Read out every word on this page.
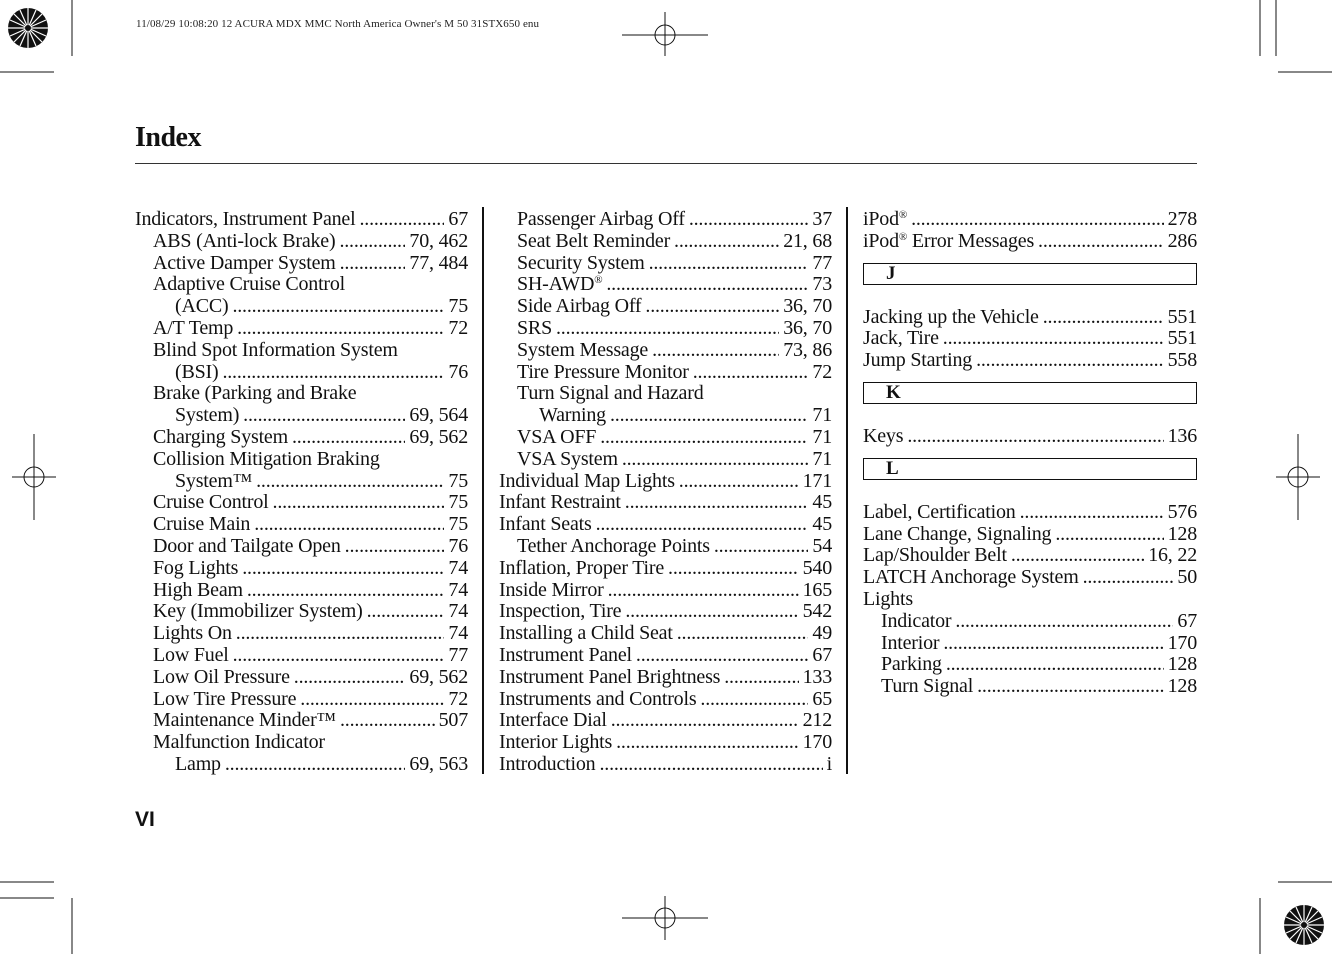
11/08/29 10:08:20 12 ACURA MDX MMC North America Owner's M 50 31STX650 enu
Index
VI
Indicators, Instrument Panel . . .	67
ABS (Anti-lock Brake) . . .	70, 462
Active Damper System . . .	77, 484
Adaptive Cruise Control
(ACC) . . .	75
A/T Temp . . .	72
Blind Spot Information System
(BSI) . . .	76
Brake (Parking and Brake
System) . . .	69, 564
Charging System . . .	69, 562
Collision Mitigation Braking
System™ . . .	75
Cruise Control . . .	75
Cruise Main . . .	75
Door and Tailgate Open . . .	76
Fog Lights . . .	74
High Beam . . .	74
Key (Immobilizer System) . . .	74
Lights On . . .	74
Low Fuel . . .	77
Low Oil Pressure . . .	69, 562
Low Tire Pressure . . .	72
Maintenance Minder™ . . .	507
Malfunction Indicator
Lamp . . .	69, 563
Passenger Airbag Off . . .	37
Seat Belt Reminder . . .	21, 68
Security System . . .	77
SH-AWD® . . .	73
Side Airbag Off . . .	36, 70
SRS . . .	36, 70
System Message . . .	73, 86
Tire Pressure Monitor . . .	72
Turn Signal and Hazard
Warning . . .	71
VSA OFF . . .	71
VSA System . . .	71
Individual Map Lights . . .	171
Infant Restraint . . .	45
Infant Seats . . .	45
Tether Anchorage Points . . .	54
Inflation, Proper Tire . . .	540
Inside Mirror . . .	165
Inspection, Tire . . .	542
Installing a Child Seat . . .	49
Instrument Panel . . .	67
Instrument Panel Brightness . . .	133
Instruments and Controls . . .	65
Interface Dial . . .	212
Interior Lights . . .	170
Introduction . . .	i
iPod® . . .	278
iPod® Error Messages . . .	286
J
Jacking up the Vehicle . . .	551
Jack, Tire . . .	551
Jump Starting . . .	558
K
Keys . . .	136
L
Label, Certification . . .	576
Lane Change, Signaling . . .	128
Lap/Shoulder Belt . . .	16, 22
LATCH Anchorage System . . .	50
Lights
Indicator . . .	67
Interior . . .	170
Parking . . .	128
Turn Signal . . .	128
